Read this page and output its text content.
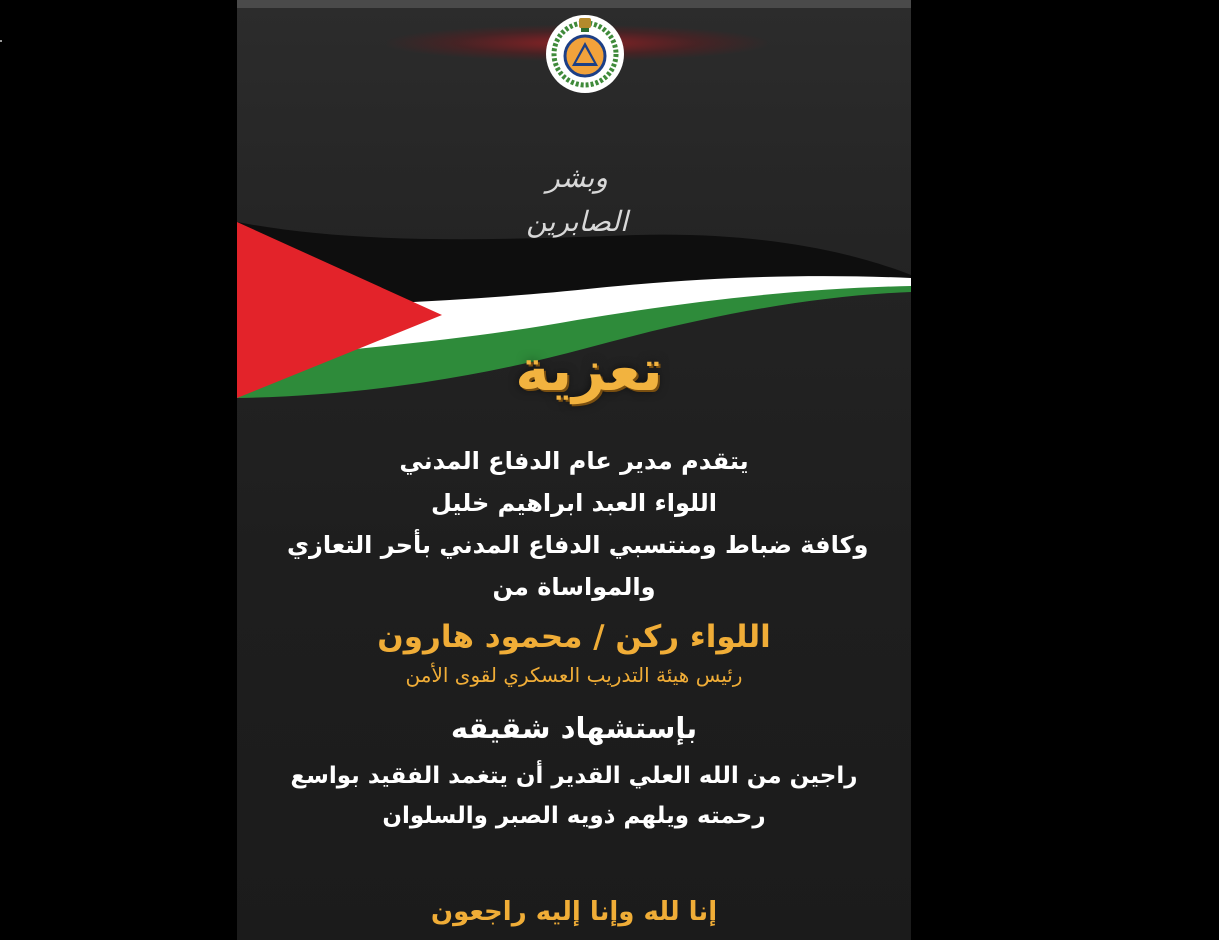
وبشر الصابرين
تعزية
يتقدم مدير عام الدفاع المدني
اللواء العبد ابراهيم خليل
وكافة ضباط ومنتسبي الدفاع المدني بأحر التعازي
والمواساة من
اللواء ركن / محمود هارون
رئيس هيئة التدريب العسكري لقوى الأمن
بإستشهاد شقيقه
راجين من الله العلي القدير أن يتغمد الفقيد بواسع
رحمته ويلهم ذويه الصبر والسلوان
إنا لله وإنا إليه راجعون
